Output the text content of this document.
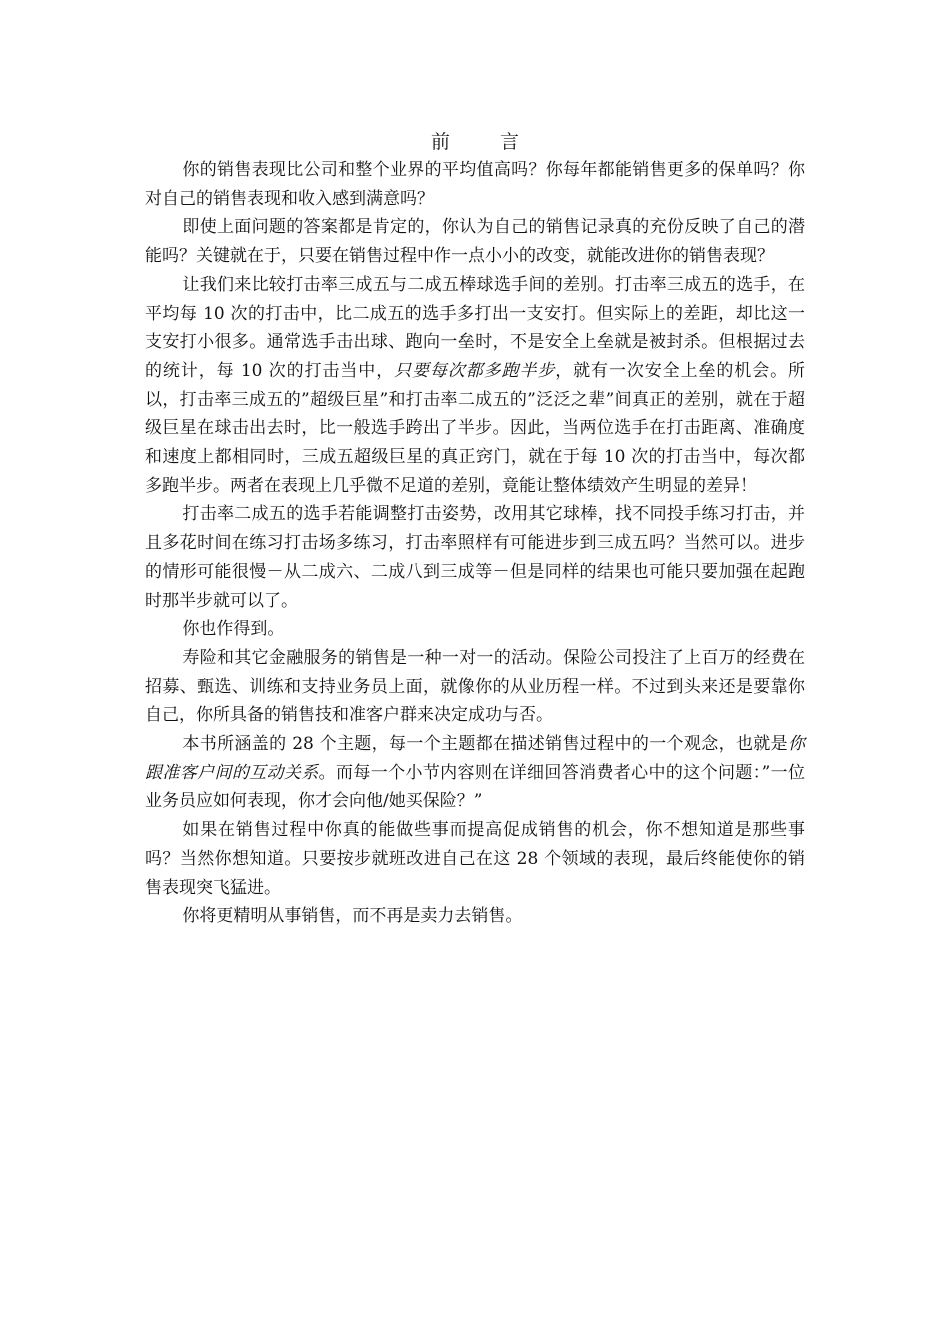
前 言

你的销售表现比公司和整个业界的平均值高吗？你每年都能销售更多的保单吗？你对自己的销售表现和收入感到满意吗？

即使上面问题的答案都是肯定的，你认为自己的销售记录真的充份反映了自己的潜能吗？关键就在于，只要在销售过程中作一点小小的改变，就能改进你的销售表现？

让我们来比较打击率三成五与二成五棒球选手间的差别。打击率三成五的选手，在平均每 10 次的打击中，比二成五的选手多打出一支安打。但实际上的差距，却比这一支安打小很多。通常选手击出球、跑向一垒时，不是安全上垒就是被封杀。但根据过去的统计，每 10 次的打击当中，只要每次都多跑半步，就有一次安全上垒的机会。所以，打击率三成五的”超级巨星”和打击率二成五的”泛泛之辈”间真正的差别，就在于超级巨星在球击出去时，比一般选手跨出了半步。因此，当两位选手在打击距离、准确度和速度上都相同时，三成五超级巨星的真正窍门，就在于每 10 次的打击当中，每次都多跑半步。两者在表现上几乎微不足道的差别，竟能让整体绩效产生明显的差异！

打击率二成五的选手若能调整打击姿势，改用其它球棒，找不同投手练习打击，并且多花时间在练习打击场多练习，打击率照样有可能进步到三成五吗？当然可以。进步的情形可能很慢－从二成六、二成八到三成等－但是同样的结果也可能只要加强在起跑时那半步就可以了。

你也作得到。

寿险和其它金融服务的销售是一种一对一的活动。保险公司投注了上百万的经费在招募、甄选、训练和支持业务员上面，就像你的从业历程一样。不过到头来还是要靠你自己，你所具备的销售技和准客户群来决定成功与否。

本书所涵盖的 28 个主题，每一个主题都在描述销售过程中的一个观念，也就是你跟准客户间的互动关系。而每一个小节内容则在详细回答消费者心中的这个问题：”一位业务员应如何表现，你才会向他/她买保险？”

如果在销售过程中你真的能做些事而提高促成销售的机会，你不想知道是那些事吗？当然你想知道。只要按步就班改进自己在这 28 个领域的表现，最后终能使你的销售表现突飞猛进。

你将更精明从事销售，而不再是卖力去销售。
